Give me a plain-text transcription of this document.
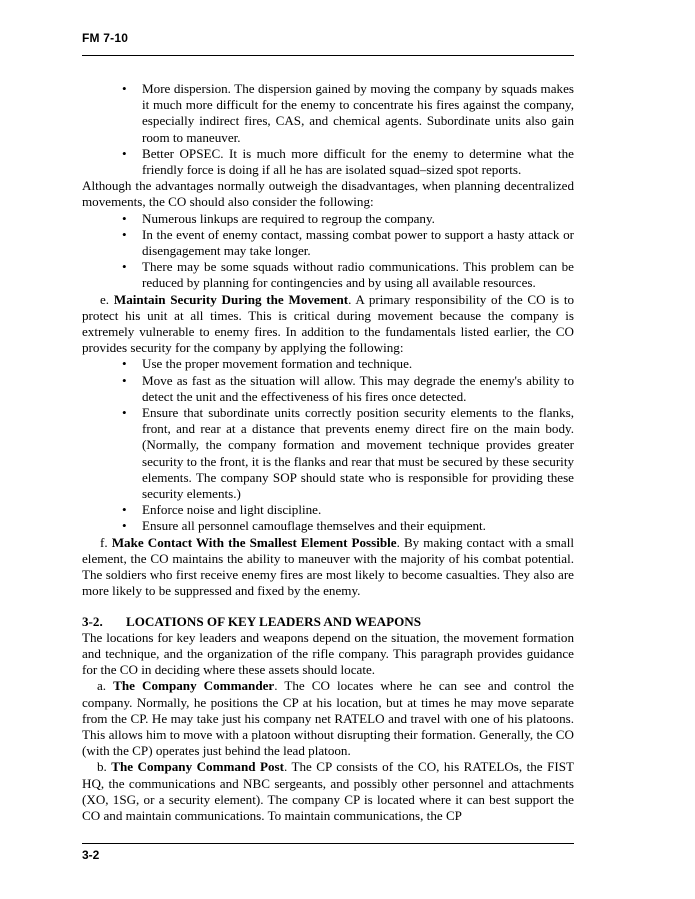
FM 7-10
• More dispersion. The dispersion gained by moving the company by squads makes it much more difficult for the enemy to concentrate his fires against the company, especially indirect fires, CAS, and chemical agents. Subordinate units also gain room to maneuver.
• Better OPSEC. It is much more difficult for the enemy to determine what the friendly force is doing if all he has are isolated squad–sized spot reports.

Although the advantages normally outweigh the disadvantages, when planning decentralized movements, the CO should also consider the following:

• Numerous linkups are required to regroup the company.
• In the event of enemy contact, massing combat power to support a hasty attack or disengagement may take longer.
• There may be some squads without radio communications. This problem can be reduced by planning for contingencies and by using all available resources.

e. Maintain Security During the Movement. A primary responsibility of the CO is to protect his unit at all times. This is critical during movement because the company is extremely vulnerable to enemy fires. In addition to the fundamentals listed earlier, the CO provides security for the company by applying the following:

• Use the proper movement formation and technique.
• Move as fast as the situation will allow. This may degrade the enemy's ability to detect the unit and the effectiveness of his fires once detected.
• Ensure that subordinate units correctly position security elements to the flanks, front, and rear at a distance that prevents enemy direct fire on the main body. (Normally, the company formation and movement technique provides greater security to the front, it is the flanks and rear that must be secured by these security elements. The company SOP should state who is responsible for providing these security elements.)
• Enforce noise and light discipline.
• Ensure all personnel camouflage themselves and their equipment.

f. Make Contact With the Smallest Element Possible. By making contact with a small element, the CO maintains the ability to maneuver with the majority of his combat potential. The soldiers who first receive enemy fires are most likely to become casualties. They also are more likely to be suppressed and fixed by the enemy.

3-2. LOCATIONS OF KEY LEADERS AND WEAPONS

The locations for key leaders and weapons depend on the situation, the movement formation and technique, and the organization of the rifle company. This paragraph provides guidance for the CO in deciding where these assets should locate.

a. The Company Commander. The CO locates where he can see and control the company. Normally, he positions the CP at his location, but at times he may move separate from the CP. He may take just his company net RATELO and travel with one of his platoons. This allows him to move with a platoon without disrupting their formation. Generally, the CO (with the CP) operates just behind the lead platoon.

b. The Company Command Post. The CP consists of the CO, his RATELOs, the FIST HQ, the communications and NBC sergeants, and possibly other personnel and attachments (XO, 1SG, or a security element). The company CP is located where it can best support the CO and maintain communications. To maintain communications, the CP

3-2
